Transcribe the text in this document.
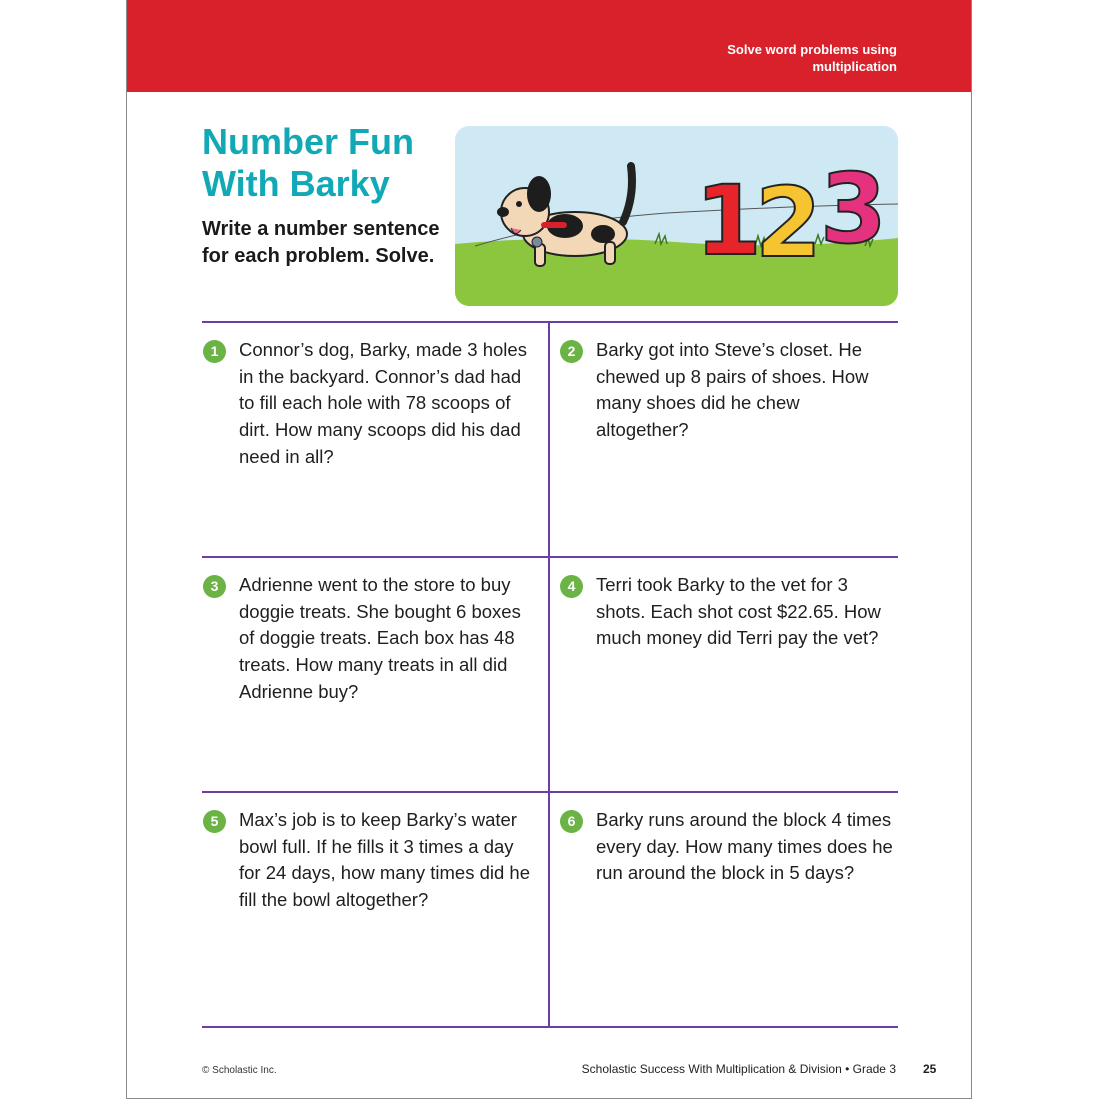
Solve word problems using
multiplication
Number Fun
With Barky
Write a number sentence
for each problem. Solve.	1
2
3
1	Connor’s dog, Barky, made 3 holes in the backyard. Connor’s dad had to fill each hole with 78 scoops of dirt. How many scoops did his dad need in all?
2	Barky got into Steve’s closet. He chewed up 8 pairs of shoes. How many shoes did he chew altogether?
3	Adrienne went to the store to buy doggie treats. She bought 6 boxes of doggie treats. Each box has 48 treats. How many treats in all did Adrienne buy?
4	Terri took Barky to the vet for 3 shots. Each shot cost $22.65. How much money did Terri pay the vet?
5	Max’s job is to keep Barky’s water bowl full. If he fills it 3 times a day for 24 days, how many times did he fill the bowl altogether?
6	Barky runs around the block 4 times every day. How many times does he run around the block in 5 days?
© Scholastic Inc.	Scholastic Success With Multiplication & Division • Grade 3 25
